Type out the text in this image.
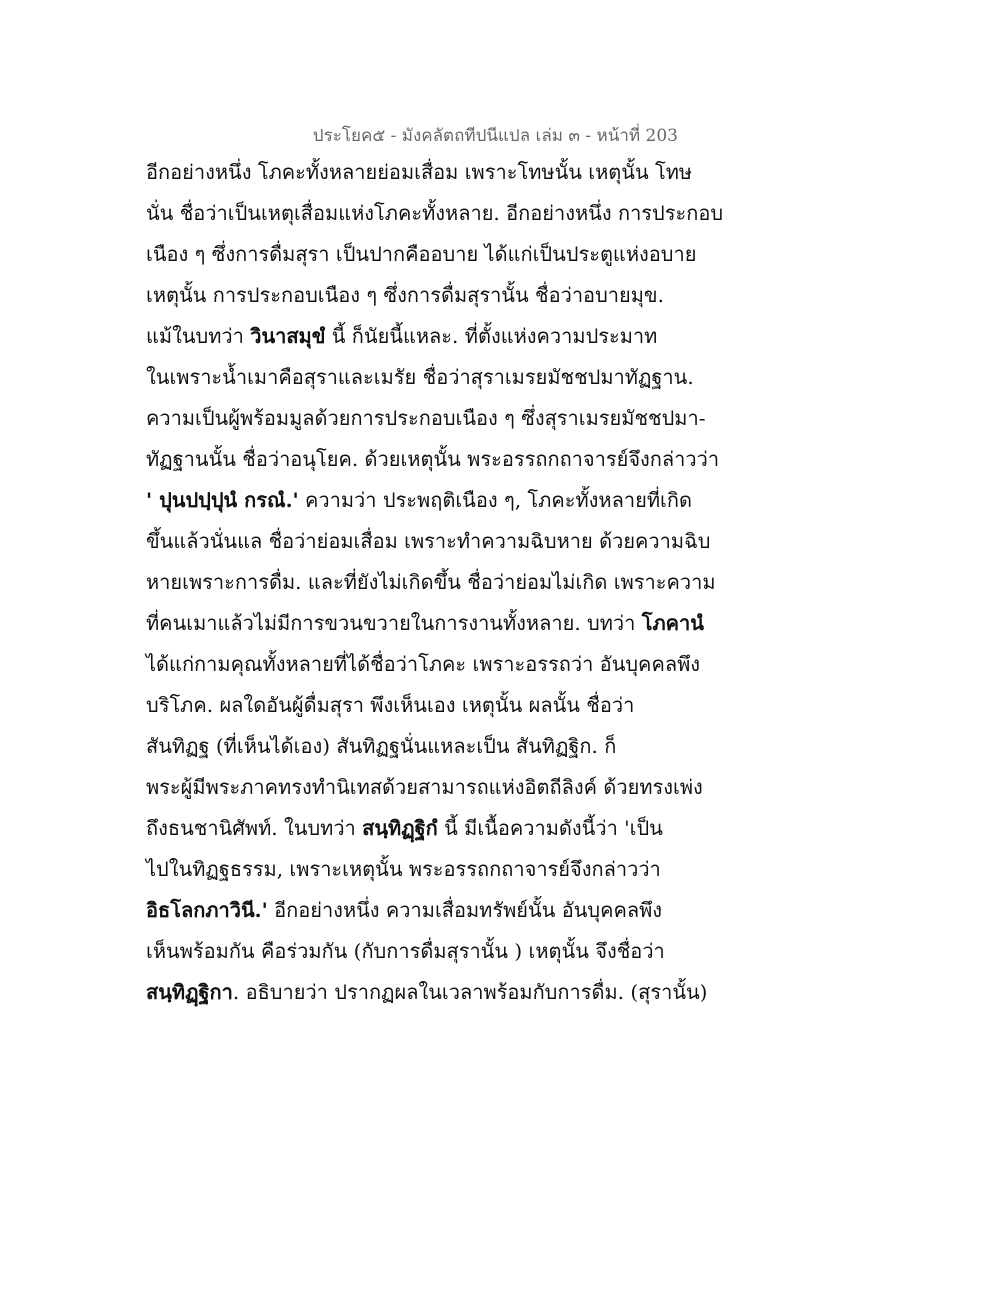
ประโยค๕ - มังคลัตถทีปนีแปล เล่ม ๓ - หน้าที่ 203
อีกอย่างหนึ่ง โภคะทั้งหลายย่อมเสื่อม เพราะโทษนั้น เหตุนั้น โทษ
นั่น ชื่อว่าเป็นเหตุเสื่อมแห่งโภคะทั้งหลาย. อีกอย่างหนึ่ง การประกอบ
เนือง ๆ ซึ่งการดื่มสุรา เป็นปากคืออบาย ได้แก่เป็นประตูแห่งอบาย
เหตุนั้น การประกอบเนือง ๆ ซึ่งการดื่มสุรานั้น ชื่อว่าอบายมุข.
แม้ในบทว่า วินาสมุขํ นี้ ก็นัยนี้แหละ. ที่ตั้งแห่งความประมาท
ในเพราะน้ำเมาคือสุราและเมรัย ชื่อว่าสุราเมรยมัชชปมาทัฏฐาน.
ความเป็นผู้พร้อมมูลด้วยการประกอบเนือง ๆ ซึ่งสุราเมรยมัชชปมา-
ทัฏฐานนั้น ชื่อว่าอนุโยค. ด้วยเหตุนั้น พระอรรถกถาจารย์จึงกล่าวว่า
' ปุนปปฺปุนํ กรณํ.' ความว่า ประพฤติเนือง ๆ, โภคะทั้งหลายที่เกิด
ขึ้นแล้วนั่นแล ชื่อว่าย่อมเสื่อม เพราะทำความฉิบหาย ด้วยความฉิบ
หายเพราะการดื่ม. และที่ยังไม่เกิดขึ้น ชื่อว่าย่อมไม่เกิด เพราะความ
ที่คนเมาแล้วไม่มีการขวนขวายในการงานทั้งหลาย. บทว่า โภคานํ
ได้แก่กามคุณทั้งหลายที่ได้ชื่อว่าโภคะ เพราะอรรถว่า อันบุคคลพึง
บริโภค. ผลใดอันผู้ดื่มสุรา พึงเห็นเอง เหตุนั้น ผลนั้น ชื่อว่า
สันทิฏฐ (ที่เห็นได้เอง) สันทิฏฐนั่นแหละเป็น สันทิฏฐิก. ก็
พระผู้มีพระภาคทรงทำนิเทสด้วยสามารถแห่งอิตถีลิงค์ ด้วยทรงเพ่ง
ถึงธนชานิศัพท์. ในบทว่า สนฺทิฏฺฐิกํ นี้ มีเนื้อความดังนี้ว่า 'เป็น
ไปในทิฏฐธรรม, เพราะเหตุนั้น พระอรรถกถาจารย์จึงกล่าวว่า
อิธโลกภาวินี.' อีกอย่างหนึ่ง ความเสื่อมทรัพย์นั้น อันบุคคลพึง
เห็นพร้อมกัน คือร่วมกัน (กับการดื่มสุรานั้น ) เหตุนั้น จึงชื่อว่า
สนฺทิฏฺฐิกา. อธิบายว่า ปรากฏผลในเวลาพร้อมกับการดื่ม. (สุรานั้น)
